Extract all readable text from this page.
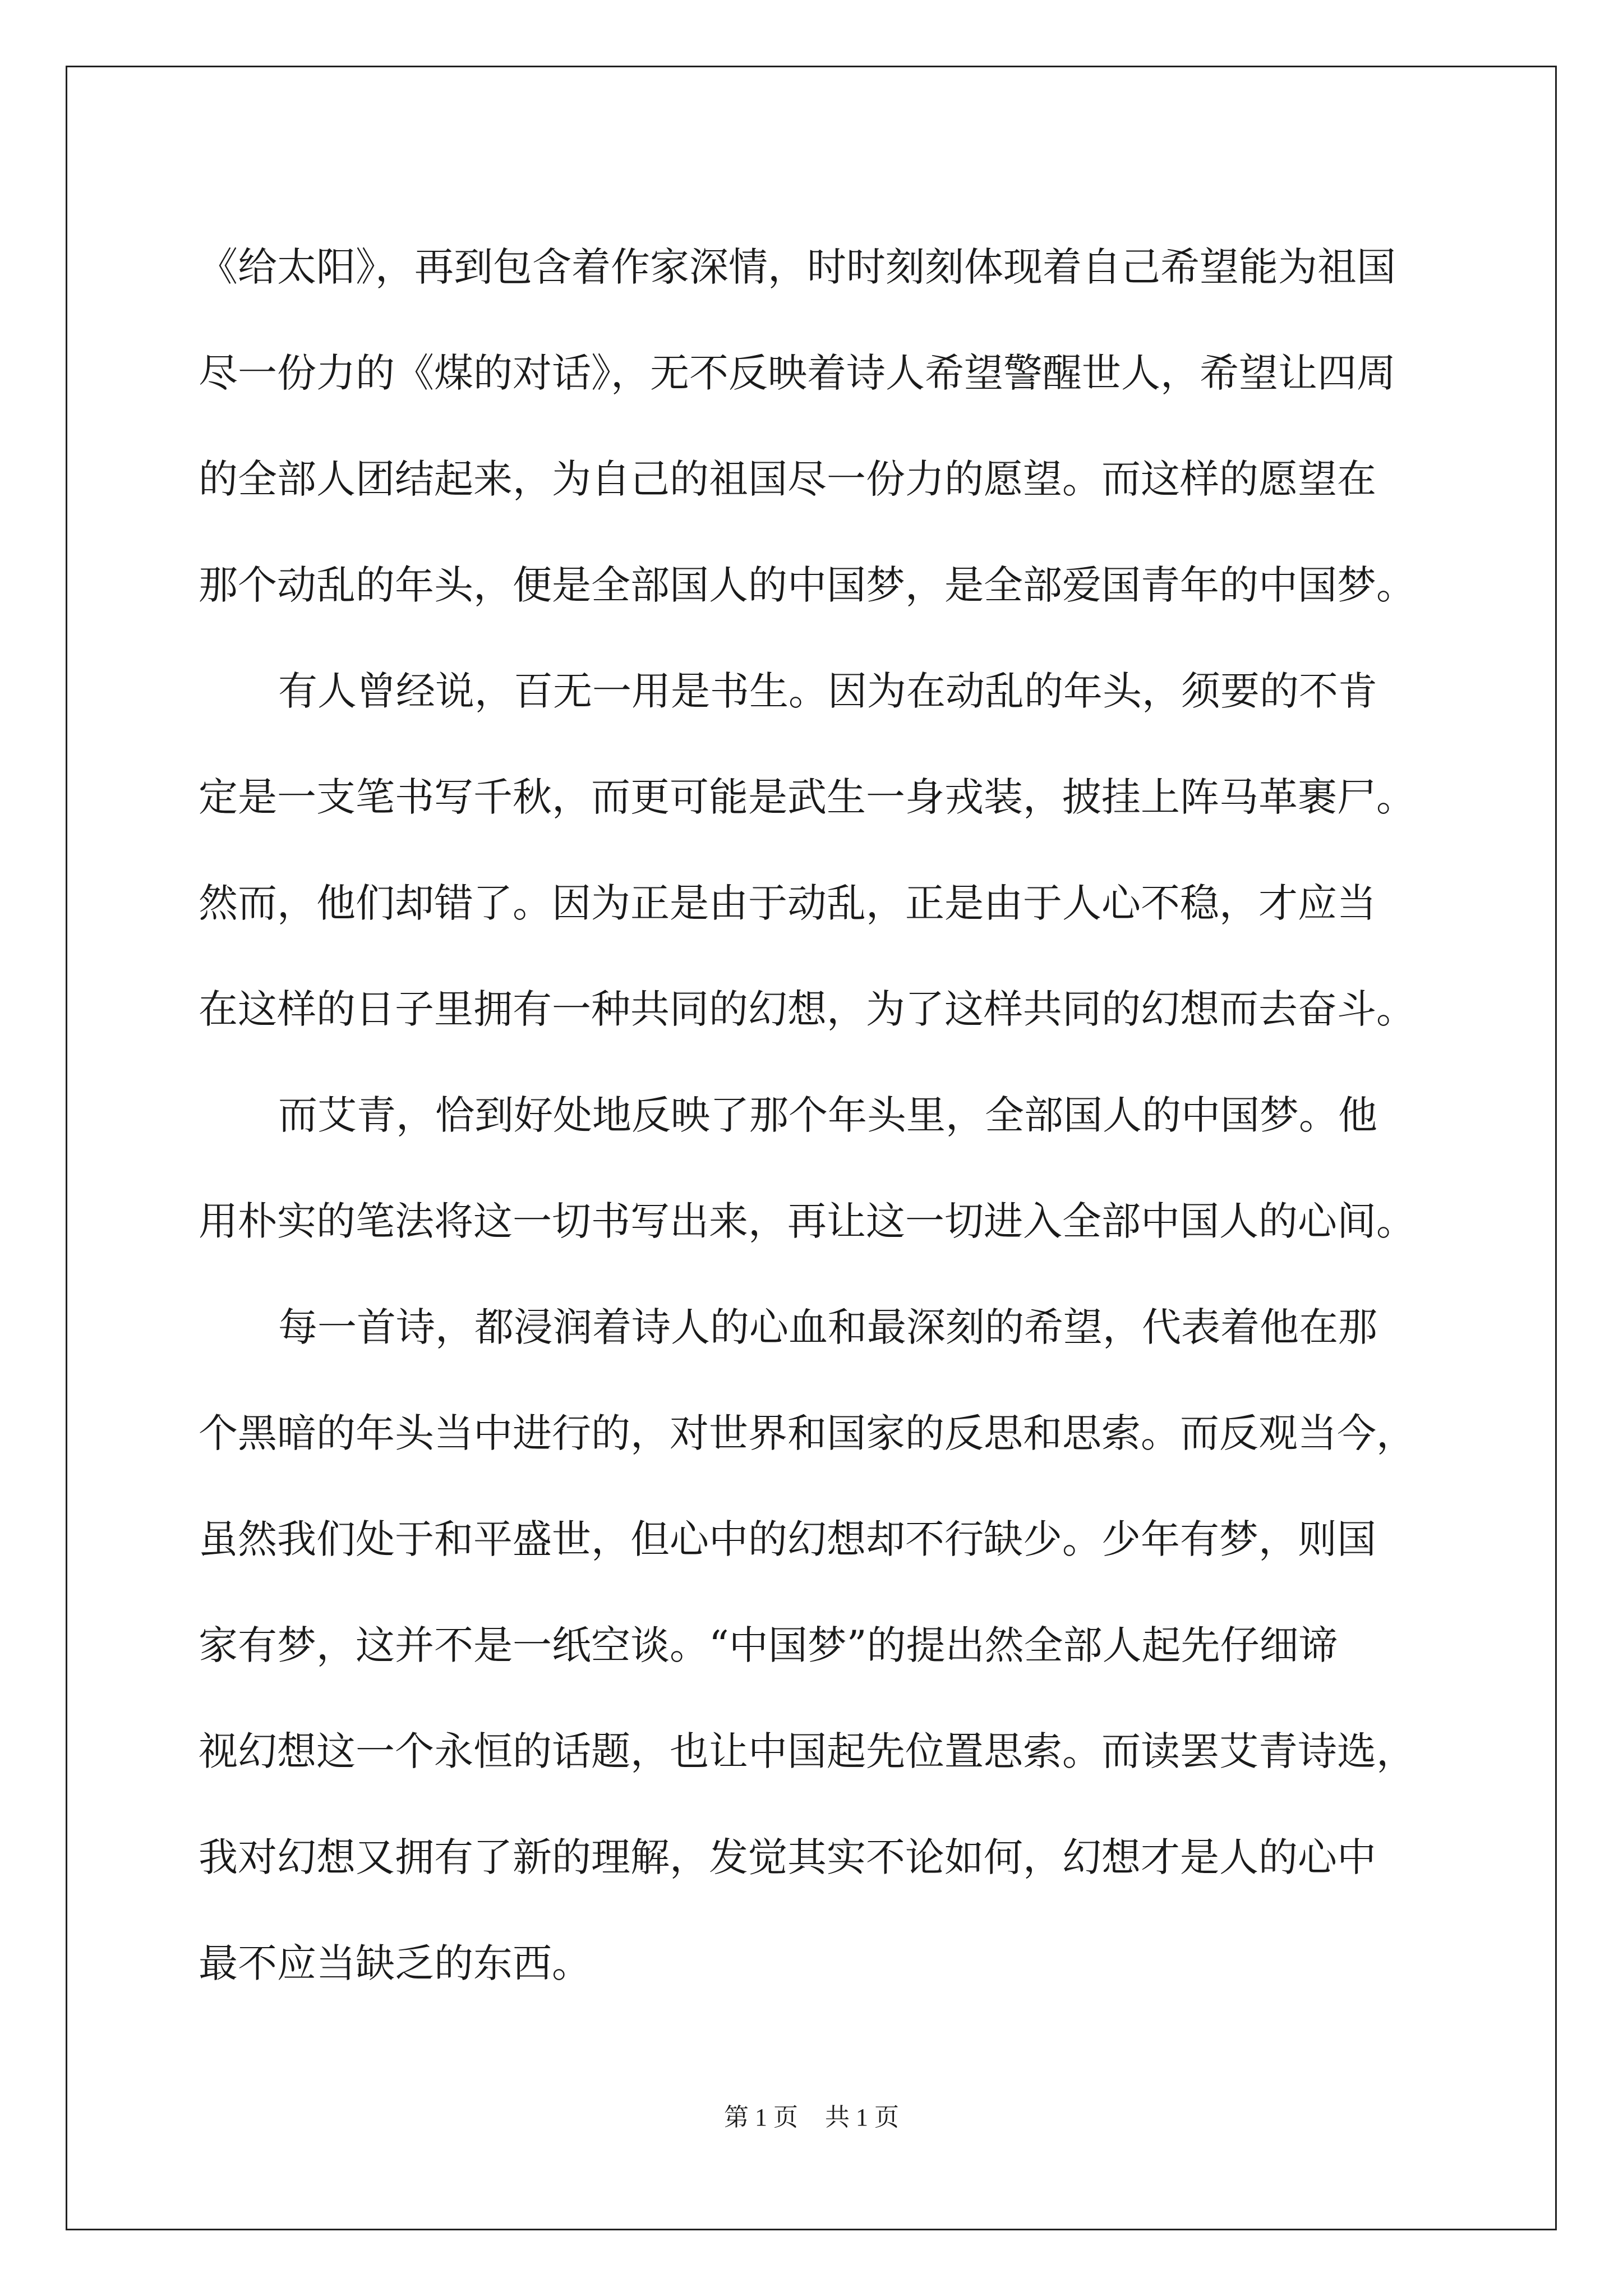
《给太阳》，再到包含着作家深情，时时刻刻体现着自己希望能为祖国
尽一份力的《煤的对话》，无不反映着诗人希望警醒世人，希望让四周
的全部人团结起来，为自己的祖国尽一份力的愿望。而这样的愿望在
那个动乱的年头，便是全部国人的中国梦，是全部爱国青年的中国梦。
有人曾经说，百无一用是书生。因为在动乱的年头，须要的不肯
定是一支笔书写千秋，而更可能是武生一身戎装，披挂上阵马革裹尸。
然而，他们却错了。因为正是由于动乱，正是由于人心不稳，才应当
在这样的日子里拥有一种共同的幻想，为了这样共同的幻想而去奋斗。
而艾青，恰到好处地反映了那个年头里，全部国人的中国梦。他
用朴实的笔法将这一切书写出来，再让这一切进入全部中国人的心间。
每一首诗，都浸润着诗人的心血和最深刻的希望，代表着他在那
个黑暗的年头当中进行的，对世界和国家的反思和思索。而反观当今，
虽然我们处于和平盛世，但心中的幻想却不行缺少。少年有梦，则国
家有梦，这并不是一纸空谈。“中国梦”的提出然全部人起先仔细谛
视幻想这一个永恒的话题，也让中国起先位置思索。而读罢艾青诗选，
我对幻想又拥有了新的理解，发觉其实不论如何，幻想才是人的心中
最不应当缺乏的东西。
第 1 页 共 1 页
